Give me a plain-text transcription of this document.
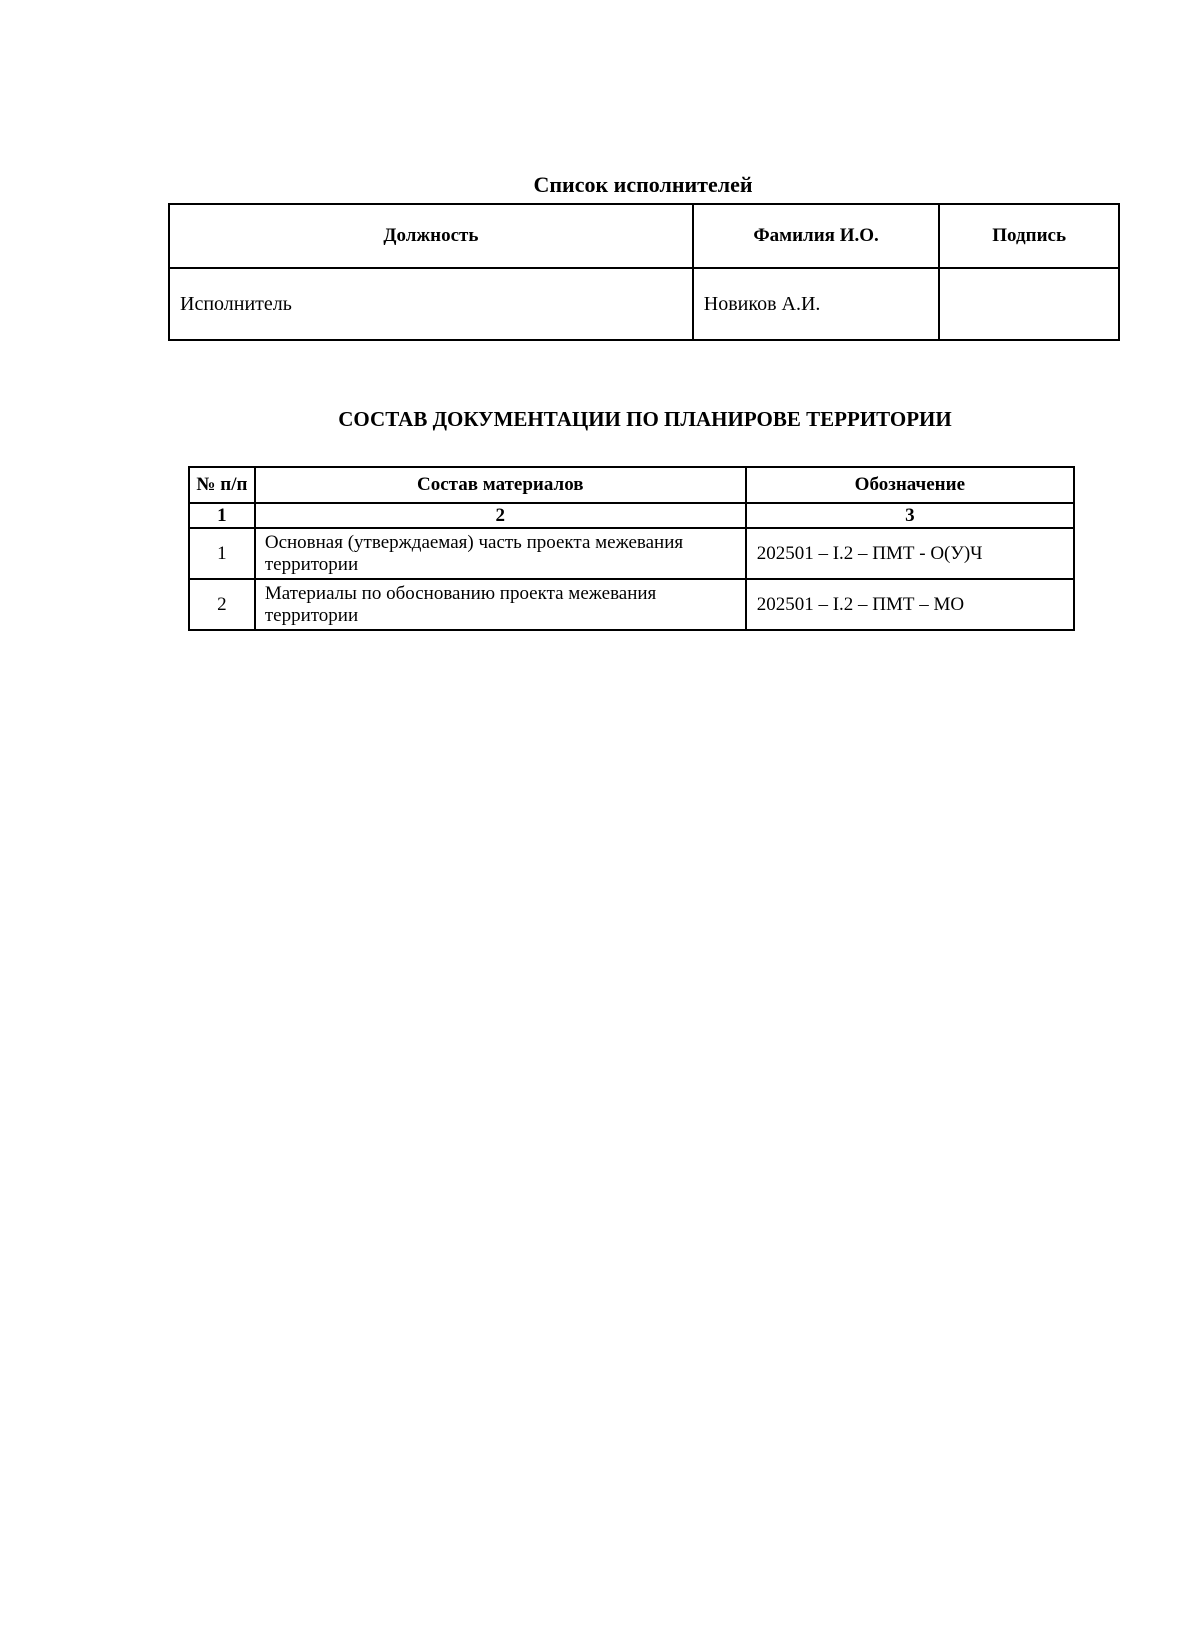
Список исполнителей
Должность	Фамилия И.О.	Подпись
Исполнитель	Новиков А.И.	
СОСТАВ ДОКУМЕНТАЦИИ ПО ПЛАНИРОВЕ ТЕРРИТОРИИ
№ п/п	Состав материалов	Обозначение
1	2	3
1	Основная (утверждаемая) часть проекта межевания территории	202501 – I.2 – ПМТ - О(У)Ч
2	Материалы по обоснованию проекта межевания территории	202501 – I.2 – ПМТ – МО
